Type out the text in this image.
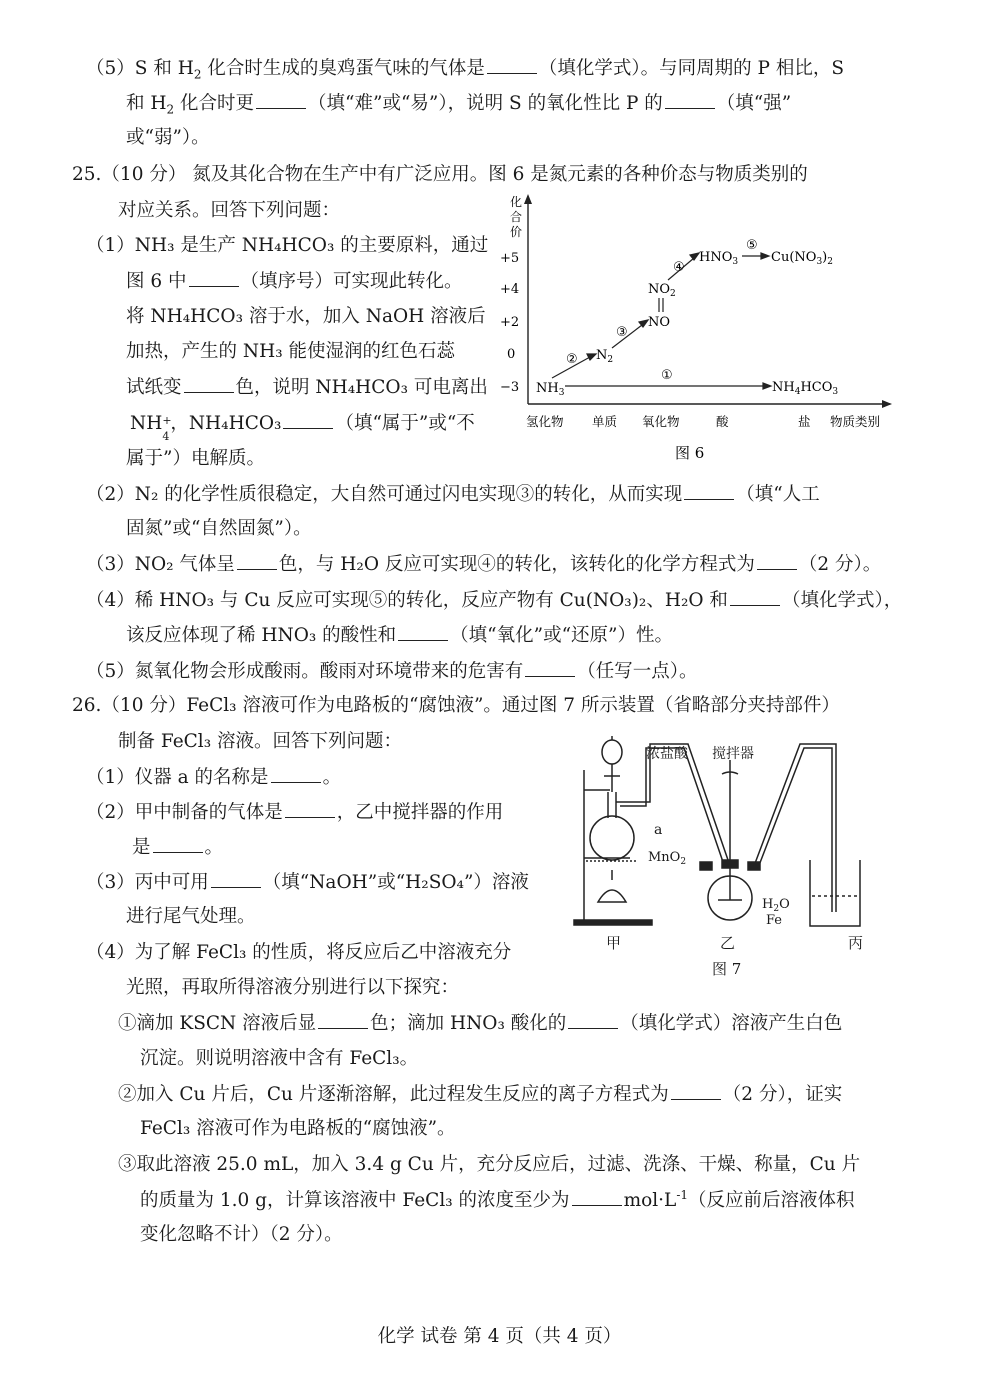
（5）S 和 $H_2$ 化合时生成的臭鸡蛋气味的气体是	（填化学式）。与同周期的 P 相比，S
和 $H_2$ 化合时更	（填“难”或“易”），说明 S 的氧化性比 P 的	（填“强”
或“弱”）。
25.（10 分） 氮及其化合物在生产中有广泛应用。图 6 是氮元素的各种价态与物质类别的
对应关系。回答下列问题：
（1）NH₃ 是生产 NH₄HCO₃ 的主要原料，通过
图 6 中	（填序号）可实现此转化。
将 NH₄HCO₃ 溶于水，加入 NaOH 溶液后
加热，产生的 NH₃ 能使湿润的红色石蕊
试纸变	色，说明 NH₄HCO₃ 可电离出
NH +
4
，NH₄HCO₃	（填“属于”或“不
属于”）电解质。
化
合
价
+5
+4
+2
0
−3
氢化物 单质 氧化物	酸	盐 物质类别
$NH_3$
$N_2$
NO
$NO_2$
$HNO_3$	$Cu(NO_3)_2$
$NH_4HCO_3$
①
②
③
④
⑤
图 6
（2）N₂ 的化学性质很稳定，大自然可通过闪电实现③的转化，从而实现	（填“人工
固氮”或“自然固氮”）。
（3）NO₂ 气体呈 色，与 H₂O 反应可实现④的转化，该转化的化学方程式为 （2 分）。
（4）稀 HNO₃ 与 Cu 反应可实现⑤的转化，反应产物有 Cu(NO₃)₂、H₂O 和	（填化学式），
该反应体现了稀 HNO₃ 的酸性和	（填“氧化”或“还原”）性。
（5）氮氧化物会形成酸雨。酸雨对环境带来的危害有	（任写一点）。
26.（10 分）FeCl₃ 溶液可作为电路板的“腐蚀液”。通过图 7 所示装置（省略部分夹持部件）
制备 FeCl₃ 溶液。回答下列问题：
（1）仪器 a 的名称是	。
（2）甲中制备的气体是	，乙中搅拌器的作用
是	。
（3）丙中可用	（填“NaOH”或“H₂SO₄”）溶液
进行尾气处理。
（4）为了解 FeCl₃ 的性质，将反应后乙中溶液充分
光照，再取所得溶液分别进行以下探究：
浓盐酸 搅拌器
a
MnO$_2$
$H_2O$
Fe
甲	乙	丙
图 7
①滴加 KSCN 溶液后显	色；滴加 HNO₃ 酸化的	（填化学式）溶液产生白色
沉淀。则说明溶液中含有 FeCl₃。
②加入 Cu 片后，Cu 片逐渐溶解，此过程发生反应的离子方程式为	（2 分），证实
FeCl₃ 溶液可作为电路板的“腐蚀液”。
③取此溶液 25.0 mL，加入 3.4 g Cu 片，充分反应后，过滤、洗涤、干燥、称量，Cu 片
的质量为 1.0 g，计算该溶液中 FeCl₃ 的浓度至少为	$mol\cdot L^{-1}$（反应前后溶液体积
变化忽略不计）（2 分）。
化学 试卷 第 4 页（共 4 页）
